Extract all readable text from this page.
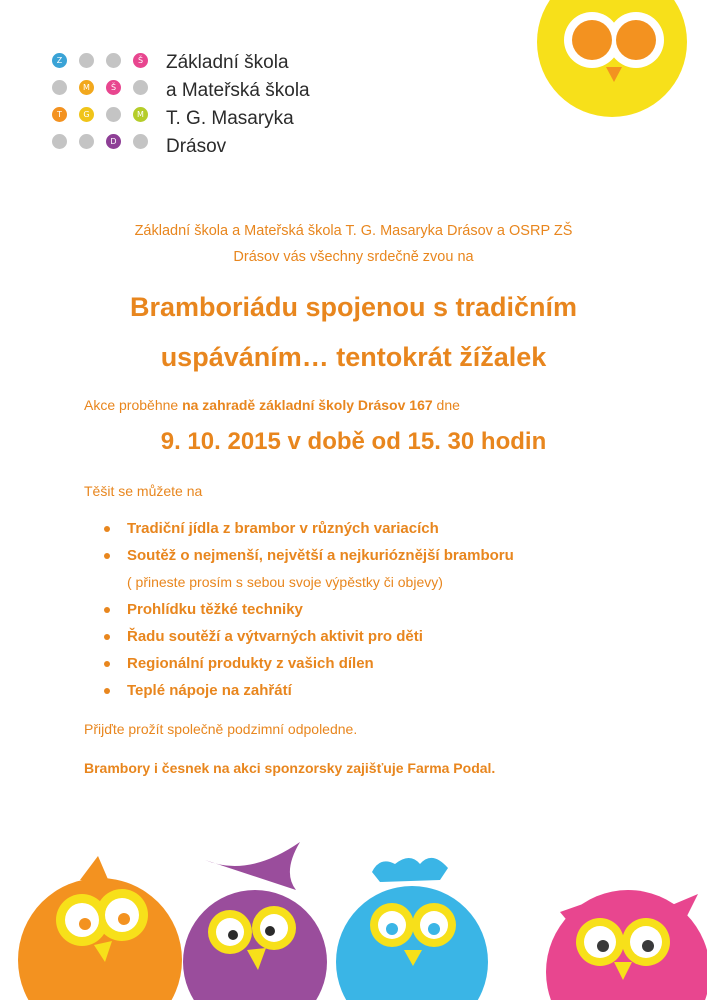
Z	Š
M	Š
T	G	M
D
Základní škola
a Mateřská škola
T. G. Masaryka
Drásov
Základní škola a Mateřská škola T. G. Masaryka Drásov a OSRP ZŠ
Drásov vás všechny srdečně zvou na
Bramboriádu spojenou s tradičním
uspáváním… tentokrát žížalek
Akce proběhne na zahradě základní školy Drásov 167 dne
9. 10. 2015 v době od 15. 30 hodin
Těšit se můžete na
Tradiční jídla z brambor v různých variacích
Soutěž o nejmenší, největší a nejkurióznější bramboru
( přineste prosím s sebou svoje výpěstky či objevy)
Prohlídku těžké techniky
Řadu soutěží a výtvarných aktivit pro děti
Regionální produkty z vašich dílen
Teplé nápoje na zahřátí
Přijďte prožít společně podzimní odpoledne.
Brambory i česnek na akci sponzorsky zajišťuje Farma Podal.
